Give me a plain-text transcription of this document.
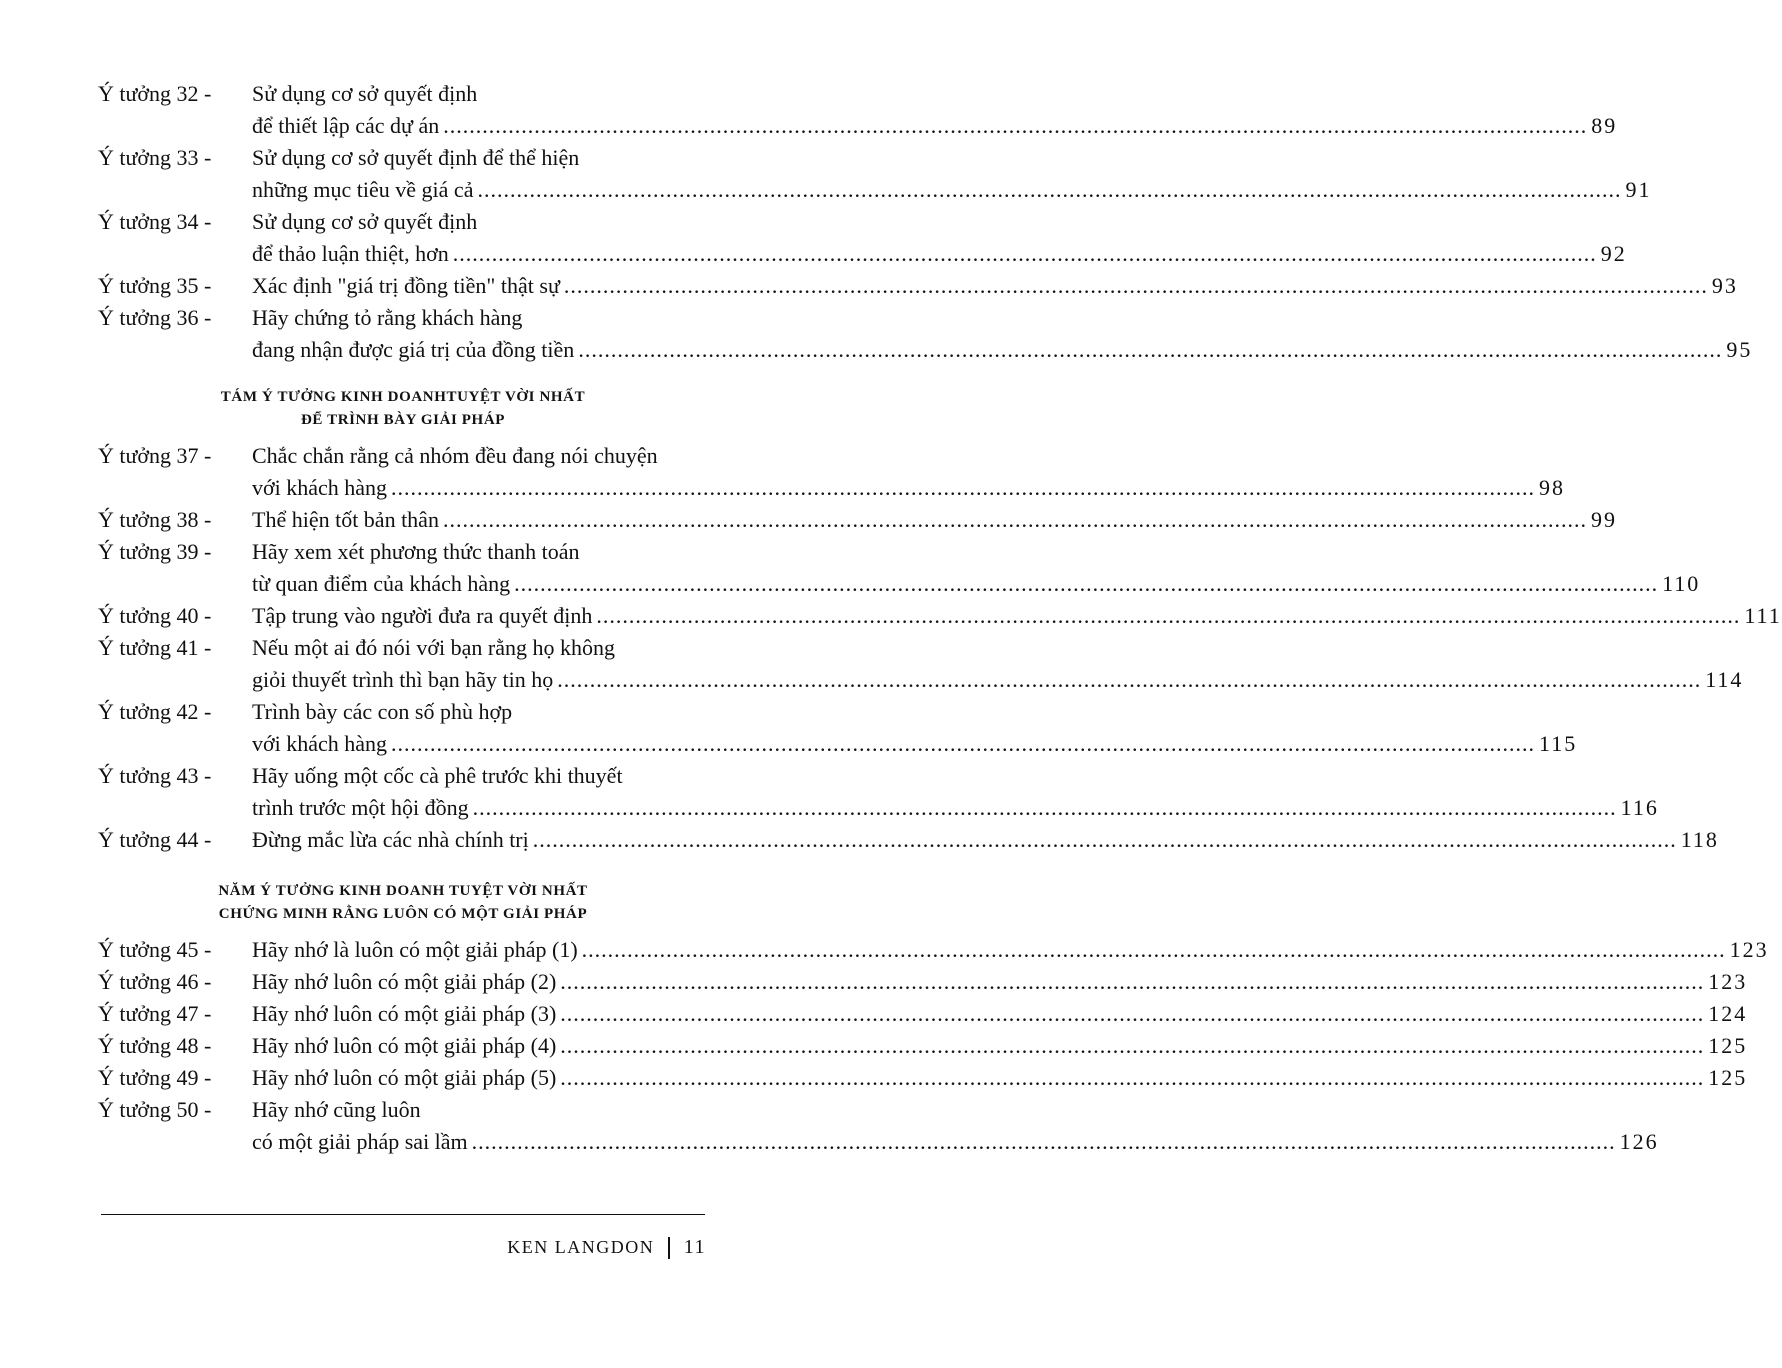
Ý tưởng 32 -	Sử dụng cơ sở quyết định
để thiết lập các dự án .....	89
Ý tưởng 33 -	Sử dụng cơ sở quyết định để thể hiện
những mục tiêu về giá cả .....	91
Ý tưởng 34 -	Sử dụng cơ sở quyết định
để thảo luận thiệt, hơn .....	92
Ý tưởng 35 -	Xác định "giá trị đồng tiền" thật sự .....	93
Ý tưởng 36 -	Hãy chứng tỏ rằng khách hàng
đang nhận được giá trị của đồng tiền .....	95
TÁM Ý TƯỞNG KINH DOANHTUYỆT VỜI NHẤT
ĐỂ TRÌNH BÀY GIẢI PHÁP
Ý tưởng 37 -	Chắc chắn rằng cả nhóm đều đang nói chuyện
với khách hàng .....	98
Ý tưởng 38 -	Thể hiện tốt bản thân .....	99
Ý tưởng 39 -	Hãy xem xét phương thức thanh toán
từ quan điểm của khách hàng .....	110
Ý tưởng 40 -	Tập trung vào người đưa ra quyết định .....	111
Ý tưởng 41 -	Nếu một ai đó nói với bạn rằng họ không
giỏi thuyết trình thì bạn hãy tin họ .....	114
Ý tưởng 42 -	Trình bày các con số phù hợp
với khách hàng .....	115
Ý tưởng 43 -	Hãy uống một cốc cà phê trước khi thuyết
trình trước một hội đồng .....	116
Ý tưởng 44 -	Đừng mắc lừa các nhà chính trị .....	118
NĂM Ý TƯỞNG KINH DOANH TUYỆT VỜI NHẤT
CHỨNG MINH RẰNG LUÔN CÓ MỘT GIẢI PHÁP
Ý tưởng 45 -	Hãy nhớ là luôn có một giải pháp (1) .....	123
Ý tưởng 46 -	Hãy nhớ luôn có một giải pháp (2) .....	123
Ý tưởng 47 -	Hãy nhớ luôn có một giải pháp (3) .....	124
Ý tưởng 48 -	Hãy nhớ luôn có một giải pháp (4) .....	125
Ý tưởng 49 -	Hãy nhớ luôn có một giải pháp (5) .....	125
Ý tưởng 50 -	Hãy nhớ cũng luôn
có một giải pháp sai lầm .....	126
KEN LANGDON 11
